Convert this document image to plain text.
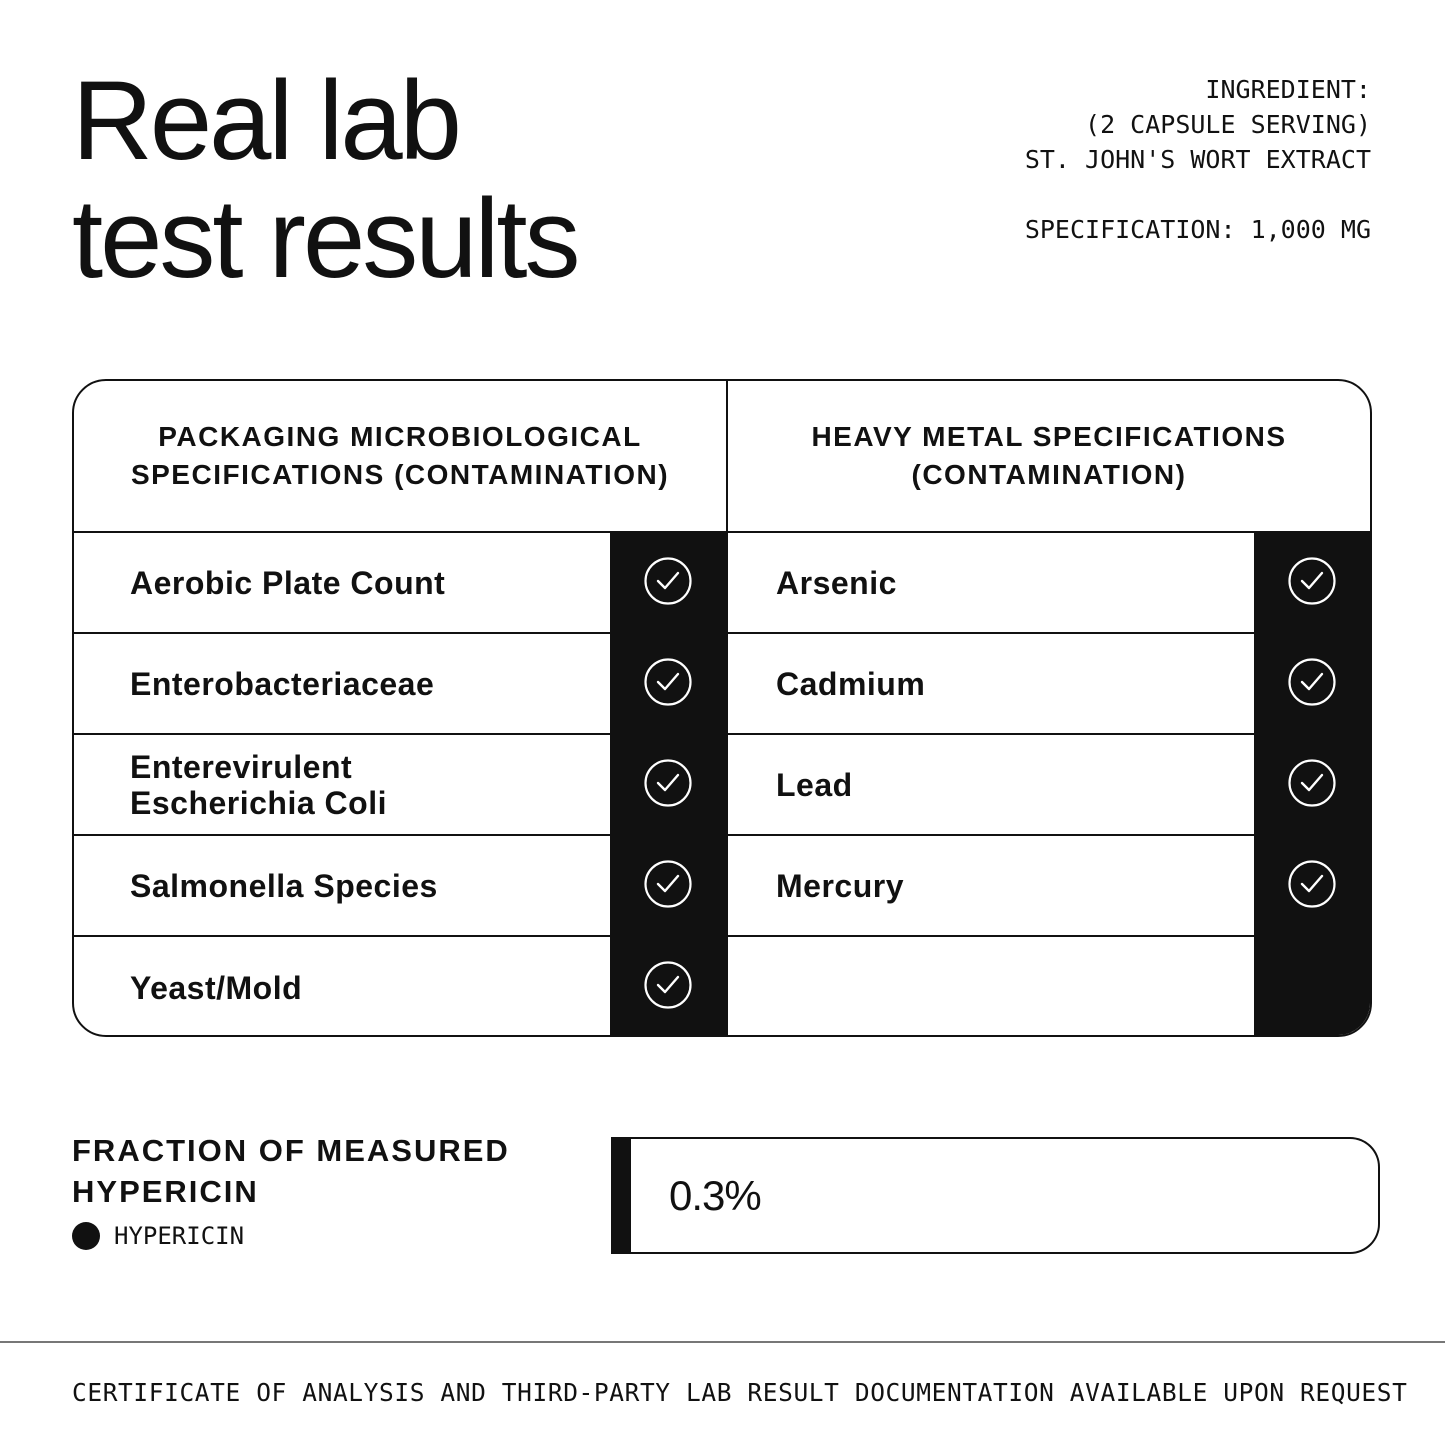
Real lab
test results
INGREDIENT:
(2 CAPSULE SERVING)
ST. JOHN'S WORT EXTRACT
SPECIFICATION: 1,000 MG
PACKAGING MICROBIOLOGICAL
SPECIFICATIONS (CONTAMINATION)
Aerobic Plate Count
Enterobacteriaceae
Enterevirulent
Escherichia Coli
Salmonella Species
Yeast/Mold
HEAVY METAL SPECIFICATIONS
(CONTAMINATION)
Arsenic
Cadmium
Lead
Mercury
FRACTION OF MEASURED
HYPERICIN
HYPERICIN
0.3%
CERTIFICATE OF ANALYSIS AND THIRD-PARTY LAB RESULT DOCUMENTATION AVAILABLE UPON REQUEST
